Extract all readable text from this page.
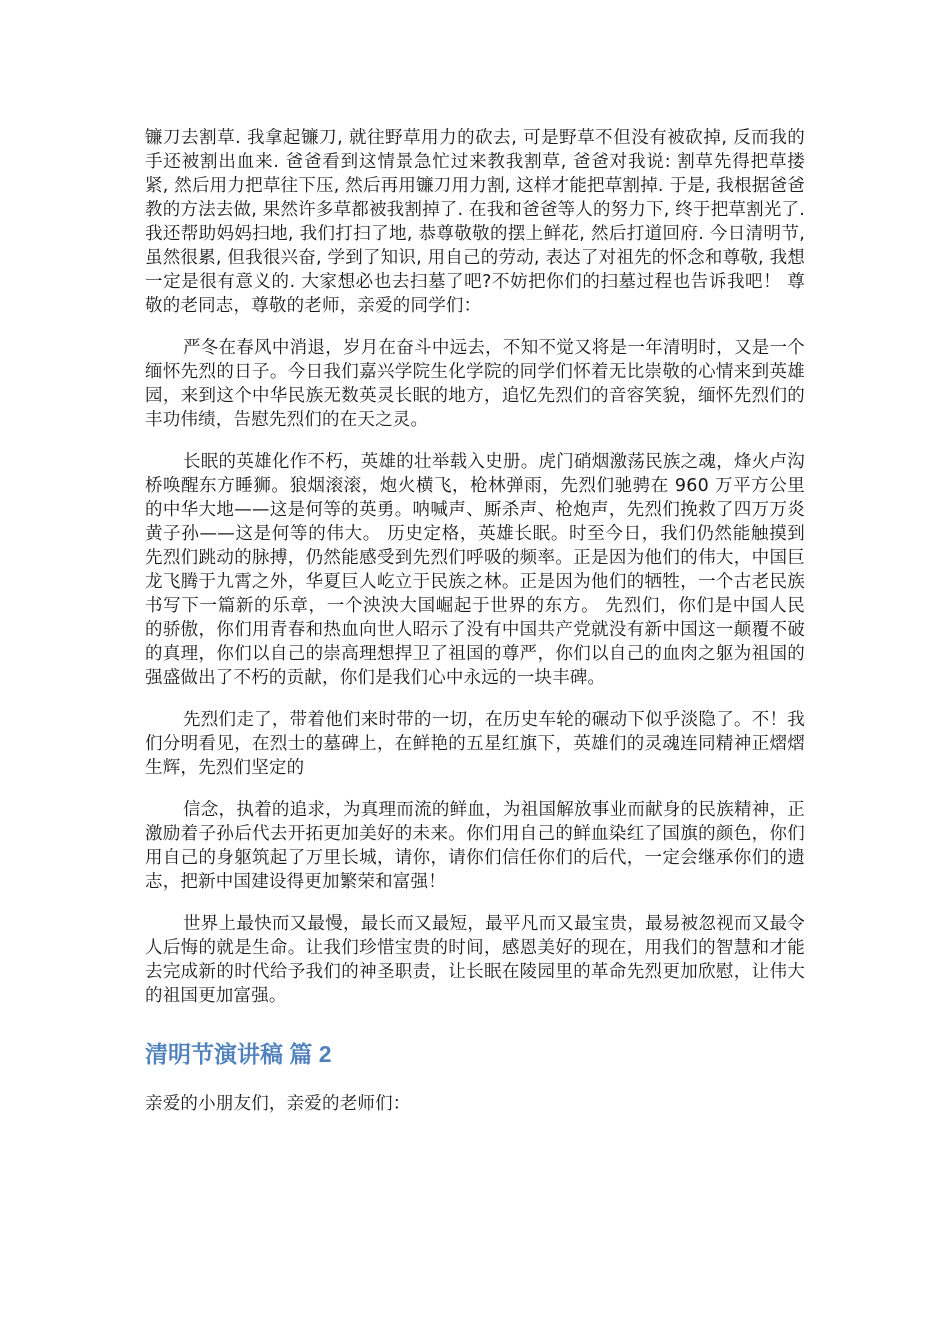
镰刀去割草. 我拿起镰刀, 就往野草用力的砍去, 可是野草不但没有被砍掉, 反而我的手还被割出血来. 爸爸看到这情景急忙过来教我割草, 爸爸对我说: 割草先得把草搂紧, 然后用力把草往下压, 然后再用镰刀用力割, 这样才能把草割掉. 于是, 我根据爸爸教的方法去做, 果然许多草都被我割掉了. 在我和爸爸等人的努力下, 终于把草割光了. 我还帮助妈妈扫地, 我们打扫了地, 恭尊敬敬的摆上鲜花, 然后打道回府. 今日清明节, 虽然很累, 但我很兴奋, 学到了知识, 用自己的劳动, 表达了对祖先的怀念和尊敬, 我想一定是很有意义的. 大家想必也去扫墓了吧?不妨把你们的扫墓过程也告诉我吧！ 尊敬的老同志，尊敬的老师，亲爱的同学们：

严冬在春风中消退，岁月在奋斗中远去，不知不觉又将是一年清明时，又是一个缅怀先烈的日子。今日我们嘉兴学院生化学院的同学们怀着无比崇敬的心情来到英雄园，来到这个中华民族无数英灵长眠的地方，追忆先烈们的音容笑貌，缅怀先烈们的丰功伟绩，告慰先烈们的在天之灵。

长眠的英雄化作不朽，英雄的壮举载入史册。虎门硝烟激荡民族之魂，烽火卢沟桥唤醒东方睡狮。狼烟滚滚，炮火横飞，枪林弹雨，先烈们驰骋在 960 万平方公里的中华大地——这是何等的英勇。呐喊声、厮杀声、枪炮声，先烈们挽救了四万万炎黄子孙——这是何等的伟大。 历史定格，英雄长眠。时至今日，我们仍然能触摸到先烈们跳动的脉搏，仍然能感受到先烈们呼吸的频率。正是因为他们的伟大，中国巨龙飞腾于九霄之外，华夏巨人屹立于民族之林。正是因为他们的牺牲，一个古老民族书写下一篇新的乐章，一个泱泱大国崛起于世界的东方。 先烈们，你们是中国人民的骄傲，你们用青春和热血向世人昭示了没有中国共产党就没有新中国这一颠覆不破的真理，你们以自己的崇高理想捍卫了祖国的尊严，你们以自己的血肉之躯为祖国的强盛做出了不朽的贡献，你们是我们心中永远的一块丰碑。

先烈们走了，带着他们来时带的一切，在历史车轮的碾动下似乎淡隐了。不！我们分明看见，在烈士的墓碑上，在鲜艳的五星红旗下，英雄们的灵魂连同精神正熠熠生辉，先烈们坚定的

信念，执着的追求，为真理而流的鲜血，为祖国解放事业而献身的民族精神，正激励着子孙后代去开拓更加美好的未来。你们用自己的鲜血染红了国旗的颜色，你们用自己的身躯筑起了万里长城，请你，请你们信任你们的后代，一定会继承你们的遗志，把新中国建设得更加繁荣和富强！

世界上最快而又最慢，最长而又最短，最平凡而又最宝贵，最易被忽视而又最令人后悔的就是生命。让我们珍惜宝贵的时间，感恩美好的现在，用我们的智慧和才能去完成新的时代给予我们的神圣职责，让长眠在陵园里的革命先烈更加欣慰，让伟大的祖国更加富强。

清明节演讲稿 篇 2

亲爱的小朋友们，亲爱的老师们：
